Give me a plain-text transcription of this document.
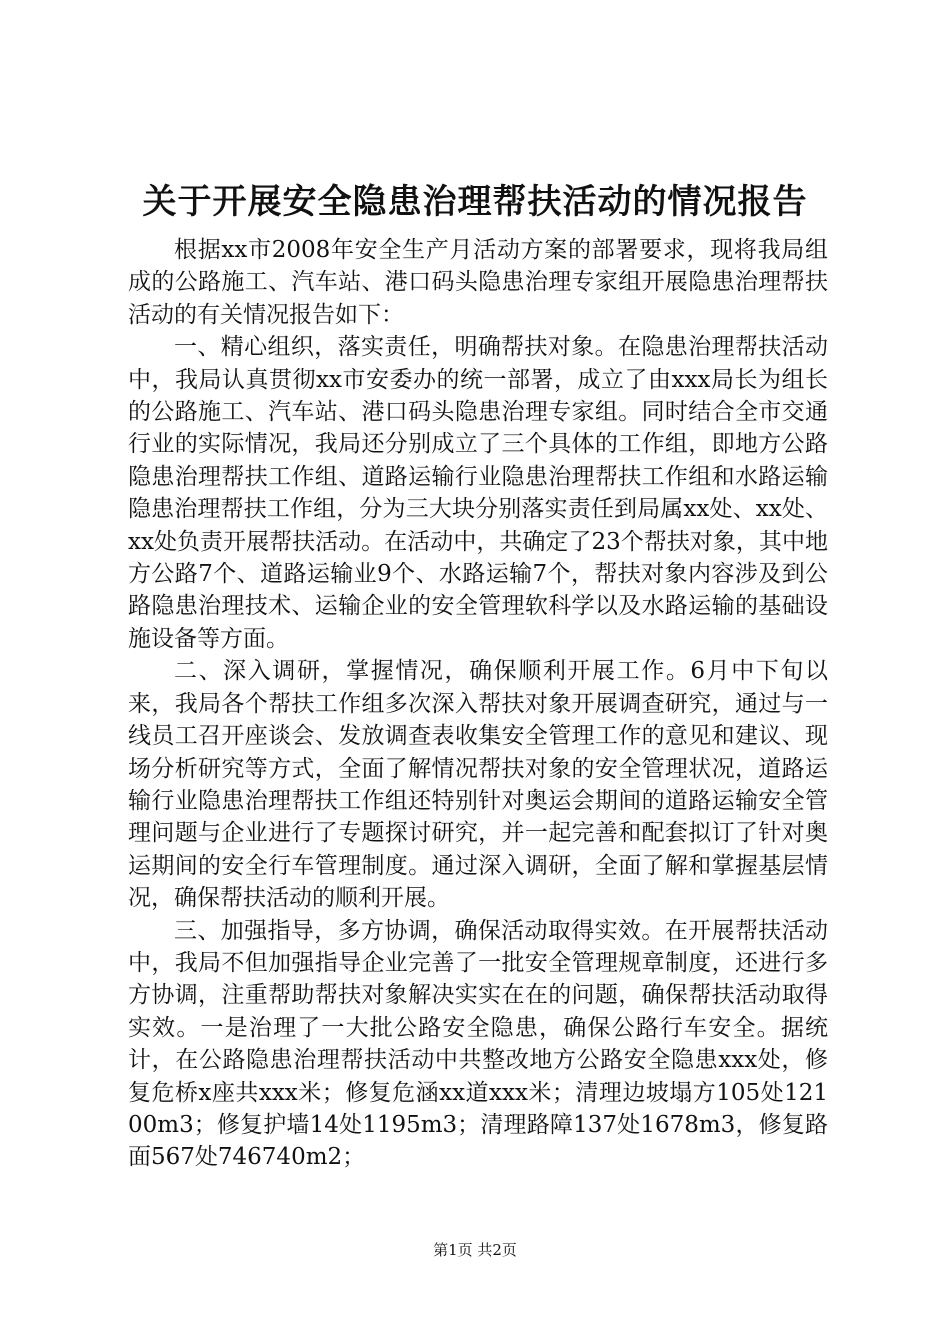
关于开展安全隐患治理帮扶活动的情况报告

根据xx市2008年安全生产月活动方案的部署要求，现将我局组成的公路施工、汽车站、港口码头隐患治理专家组开展隐患治理帮扶活动的有关情况报告如下：

一、精心组织，落实责任，明确帮扶对象。在隐患治理帮扶活动中，我局认真贯彻xx市安委办的统一部署，成立了由xxx局长为组长的公路施工、汽车站、港口码头隐患治理专家组。同时结合全市交通行业的实际情况，我局还分别成立了三个具体的工作组，即地方公路隐患治理帮扶工作组、道路运输行业隐患治理帮扶工作组和水路运输隐患治理帮扶工作组，分为三大块分别落实责任到局属xx处、xx处、xx处负责开展帮扶活动。在活动中，共确定了23个帮扶对象，其中地方公路7个、道路运输业9个、水路运输7个，帮扶对象内容涉及到公路隐患治理技术、运输企业的安全管理软科学以及水路运输的基础设施设备等方面。

二、深入调研，掌握情况，确保顺利开展工作。6月中下旬以来，我局各个帮扶工作组多次深入帮扶对象开展调查研究，通过与一线员工召开座谈会、发放调查表收集安全管理工作的意见和建议、现场分析研究等方式，全面了解情况帮扶对象的安全管理状况，道路运输行业隐患治理帮扶工作组还特别针对奥运会期间的道路运输安全管理问题与企业进行了专题探讨研究，并一起完善和配套拟订了针对奥运期间的安全行车管理制度。通过深入调研，全面了解和掌握基层情况，确保帮扶活动的顺利开展。

三、加强指导，多方协调，确保活动取得实效。在开展帮扶活动中，我局不但加强指导企业完善了一批安全管理规章制度，还进行多方协调，注重帮助帮扶对象解决实实在在的问题，确保帮扶活动取得实效。一是治理了一大批公路安全隐患，确保公路行车安全。据统计，在公路隐患治理帮扶活动中共整改地方公路安全隐患xxx处，修复危桥x座共xxx米；修复危涵xx道xxx米；清理边坡塌方105处12100m3；修复护墙14处1195m3；清理路障137处1678m3，修复路面567处746740m2；

第1页 共2页
